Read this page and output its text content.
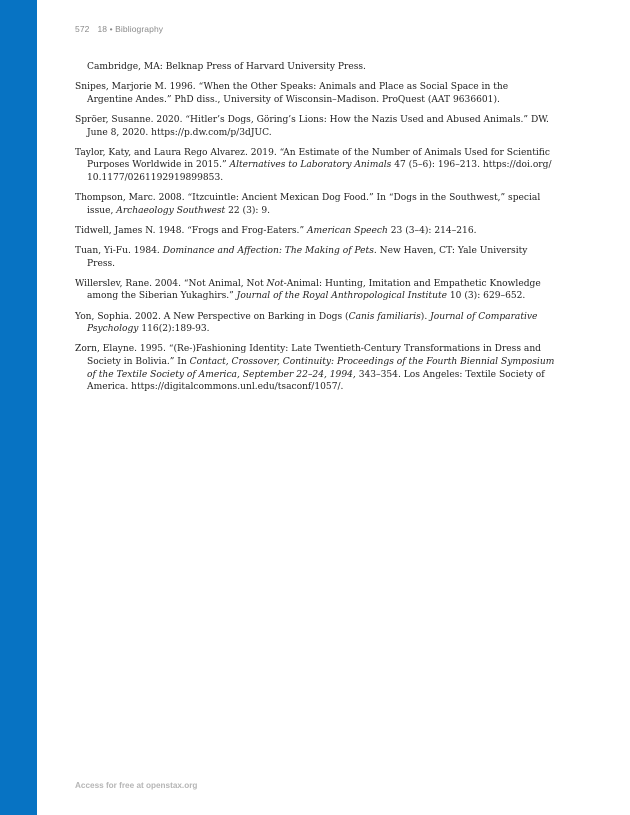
572 18 • Bibliography

Cambridge, MA: Belknap Press of Harvard University Press.

Snipes, Marjorie M. 1996. “When the Other Speaks: Animals and Place as Social Space in the Argentine Andes.” PhD diss., University of Wisconsin–Madison. ProQuest (AAT 9636601).

Spröer, Susanne. 2020. “Hitler’s Dogs, Göring’s Lions: How the Nazis Used and Abused Animals.” DW. June 8, 2020. https://p.dw.com/p/3dJUC.

Taylor, Katy, and Laura Rego Alvarez. 2019. “An Estimate of the Number of Animals Used for Scientific Purposes Worldwide in 2015.” Alternatives to Laboratory Animals 47 (5–6): 196–213. https://doi.org/ 10.1177/0261192919899853.

Thompson, Marc. 2008. “Itzcuintle: Ancient Mexican Dog Food.” In “Dogs in the Southwest,” special issue, Archaeology Southwest 22 (3): 9.

Tidwell, James N. 1948. “Frogs and Frog-Eaters.” American Speech 23 (3–4): 214–216.

Tuan, Yi-Fu. 1984. Dominance and Affection: The Making of Pets. New Haven, CT: Yale University Press.

Willerslev, Rane. 2004. “Not Animal, Not Not-Animal: Hunting, Imitation and Empathetic Knowledge among the Siberian Yukaghirs.” Journal of the Royal Anthropological Institute 10 (3): 629–652.

Yon, Sophia. 2002. A New Perspective on Barking in Dogs (Canis familiaris). Journal of Comparative Psychology 116(2):189-93.

Zorn, Elayne. 1995. “(Re-)Fashioning Identity: Late Twentieth-Century Transformations in Dress and Society in Bolivia.” In Contact, Crossover, Continuity: Proceedings of the Fourth Biennial Symposium of the Textile Society of America, September 22–24, 1994, 343–354. Los Angeles: Textile Society of America. https://digitalcommons.unl.edu/tsaconf/1057/.

Access for free at openstax.org
